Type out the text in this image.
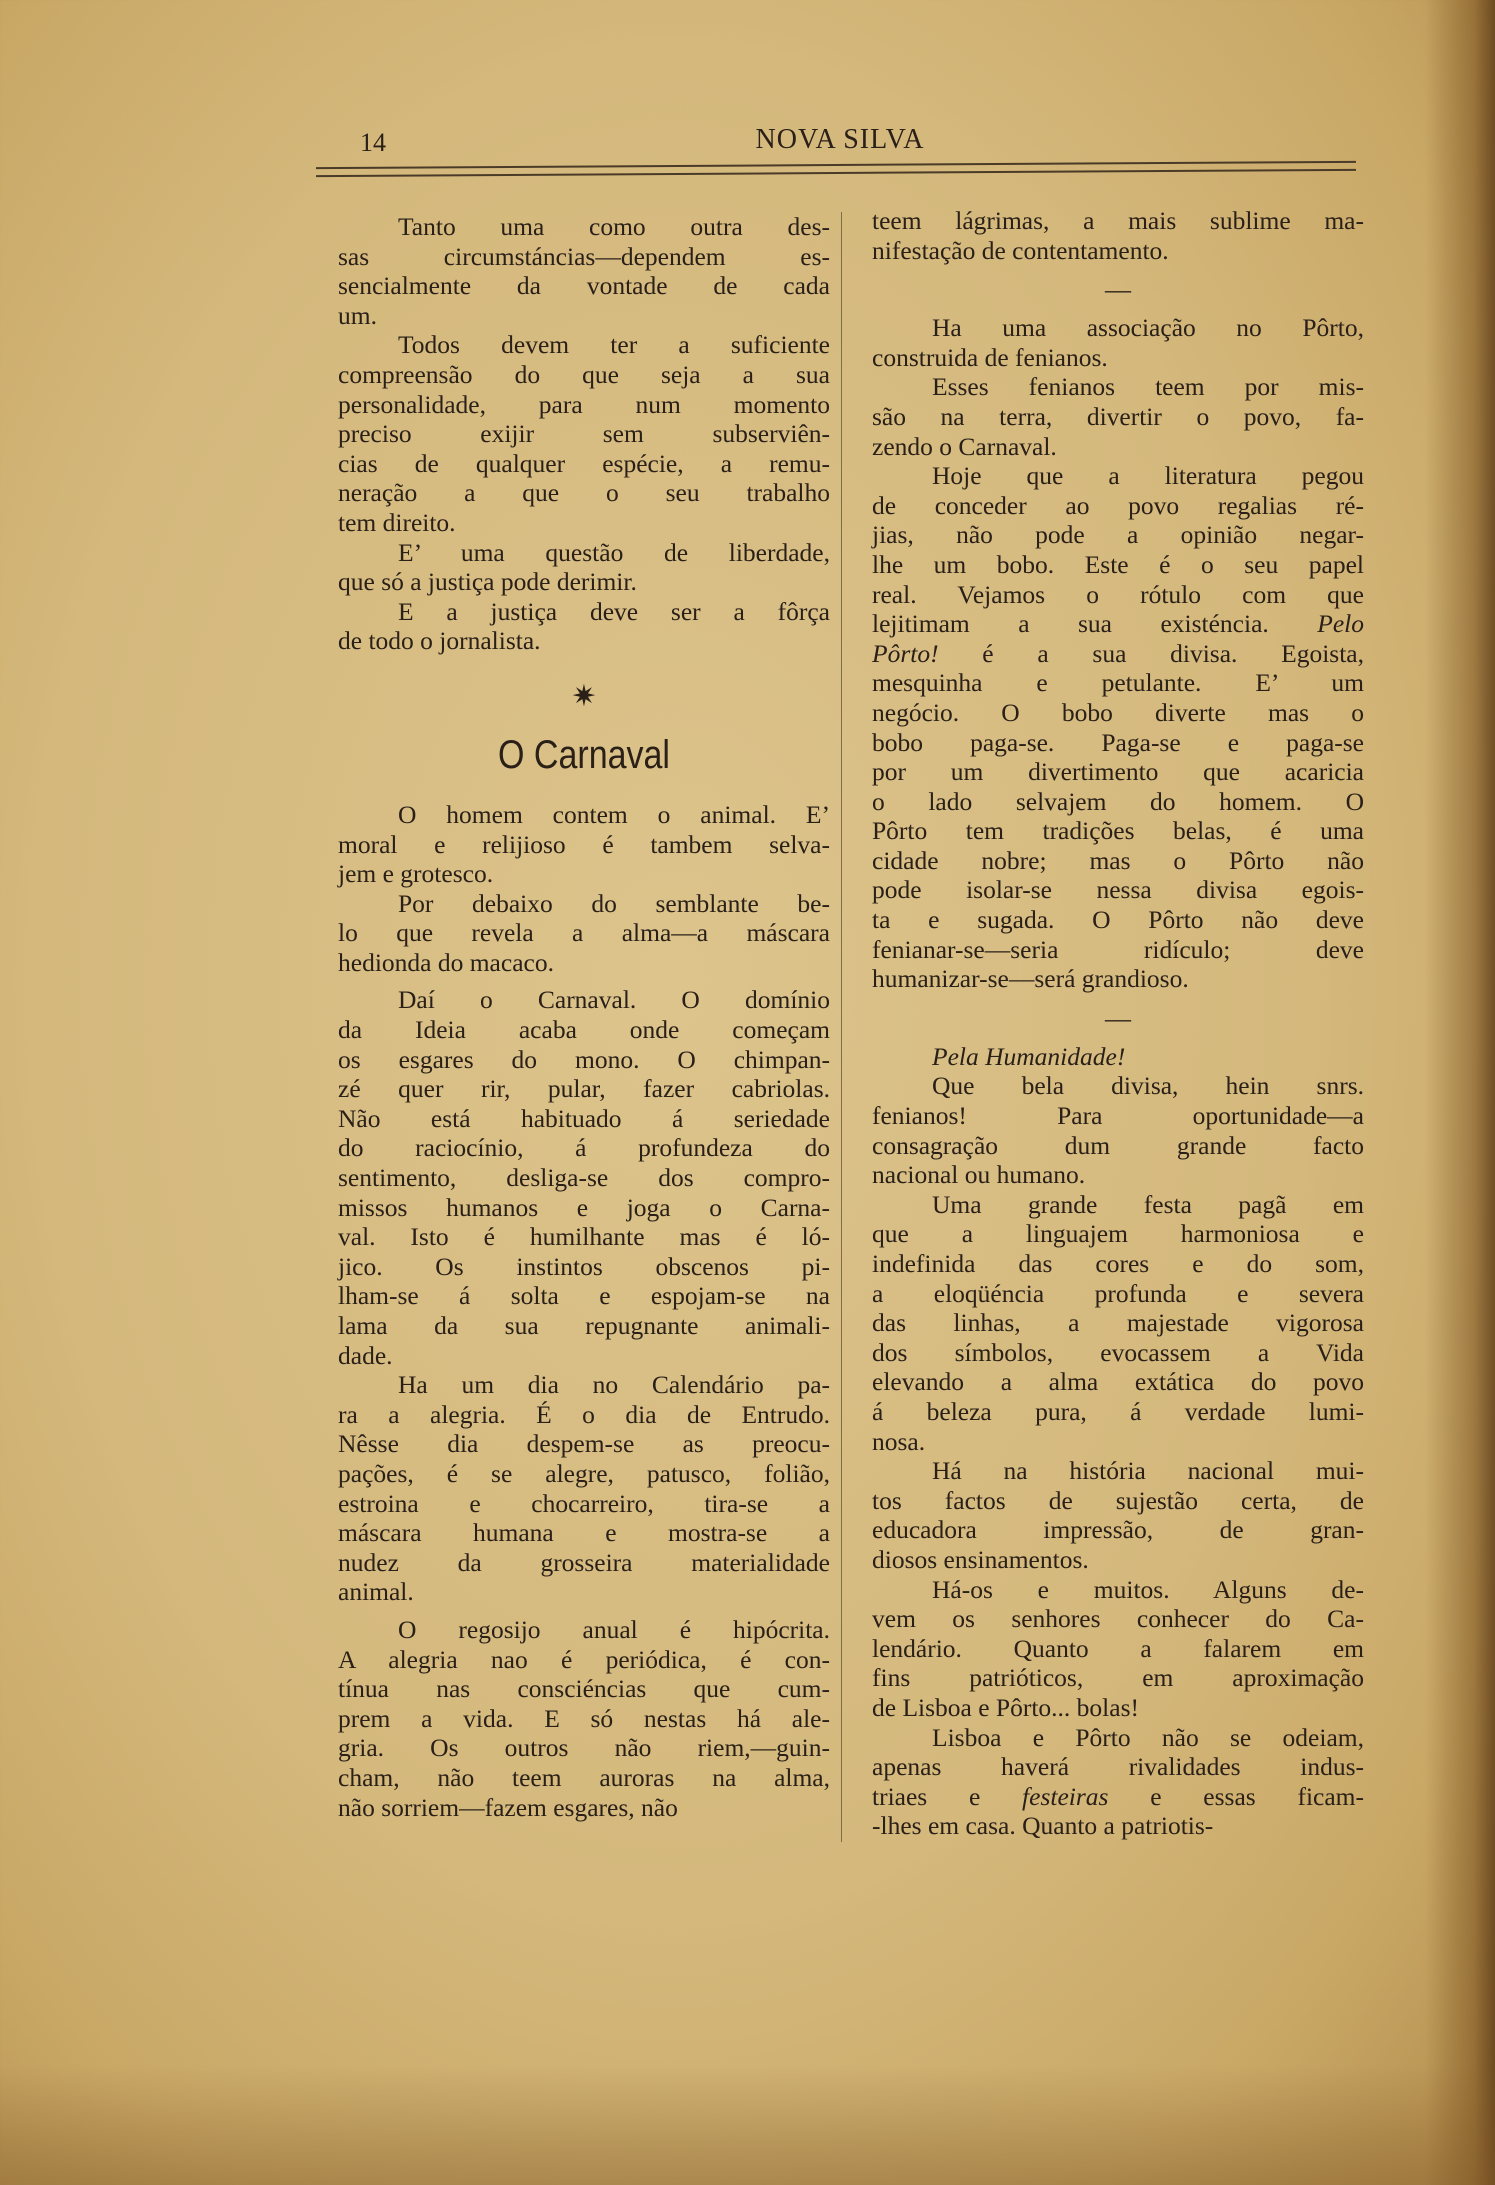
14	NOVA SILVA
Tanto uma como outra des-
sas circumstáncias—dependem es-
sencialmente da vontade de cada
um.
Todos devem ter a suficiente
compreensão do que seja a sua
personalidade, para num momento
preciso exijir sem subserviên-
cias de qualquer espécie, a remu-
neração a que o seu trabalho
tem direito.
E’ uma questão de liberdade,
que só a justiça pode derimir.
E a justiça deve ser a fôrça
de todo o jornalista.
✷
O Carnaval
O homem contem o animal. E’
moral e relijioso é tambem selva-
jem e grotesco.
Por debaixo do semblante be-
lo que revela a alma—a máscara
hedionda do macaco.
Daí o Carnaval. O domínio
da Ideia acaba onde começam
os esgares do mono. O chimpan-
zé quer rir, pular, fazer cabriolas.
Não está habituado á seriedade
do raciocínio, á profundeza do
sentimento, desliga-se dos compro-
missos humanos e joga o Carna-
val. Isto é humilhante mas é ló-
jico. Os instintos obscenos pi-
lham-se á solta e espojam-se na
lama da sua repugnante animali-
dade.
Ha um dia no Calendário pa-
ra a alegria. É o dia de Entrudo.
Nêsse dia despem-se as preocu-
pações, é se alegre, patusco, folião,
estroina e chocarreiro, tira-se a
máscara humana e mostra-se a
nudez da grosseira materialidade
animal.
O regosijo anual é hipócrita.
A alegria nao é periódica, é con-
tínua nas consciéncias que cum-
prem a vida. E só nestas há ale-
gria. Os outros não riem,—guin-
cham, não teem auroras na alma,
não sorriem—fazem esgares, não
teem lágrimas, a mais sublime ma-
nifestação de contentamento.
—
Ha uma associação no Pôrto,
construida de fenianos.
Esses fenianos teem por mis-
são na terra, divertir o povo, fa-
zendo o Carnaval.
Hoje que a literatura pegou
de conceder ao povo regalias ré-
jias, não pode a opinião negar-
lhe um bobo. Este é o seu papel
real. Vejamos o rótulo com que
lejitimam a sua existéncia. Pelo
Pôrto! é a sua divisa. Egoista,
mesquinha e petulante. E’ um
negócio. O bobo diverte mas o
bobo paga-se. Paga-se e paga-se
por um divertimento que acaricia
o lado selvajem do homem. O
Pôrto tem tradições belas, é uma
cidade nobre; mas o Pôrto não
pode isolar-se nessa divisa egois-
ta e sugada. O Pôrto não deve
fenianar-se—seria ridículo; deve
humanizar-se—será grandioso.
—
Pela Humanidade!
Que bela divisa, hein snrs.
fenianos! Para oportunidade—a
consagração dum grande facto
nacional ou humano.
Uma grande festa pagã em
que a linguajem harmoniosa e
indefinida das cores e do som,
a eloqüéncia profunda e severa
das linhas, a majestade vigorosa
dos símbolos, evocassem a Vida
elevando a alma extática do povo
á beleza pura, á verdade lumi-
nosa.
Há na história nacional mui-
tos factos de sujestão certa, de
educadora impressão, de gran-
diosos ensinamentos.
Há-os e muitos. Alguns de-
vem os senhores conhecer do Ca-
lendário. Quanto a falarem em
fins patrióticos, em aproximação
de Lisboa e Pôrto... bolas!
Lisboa e Pôrto não se odeiam,
apenas haverá rivalidades indus-
triaes e festeiras e essas ficam-
-lhes em casa. Quanto a patriotis-
